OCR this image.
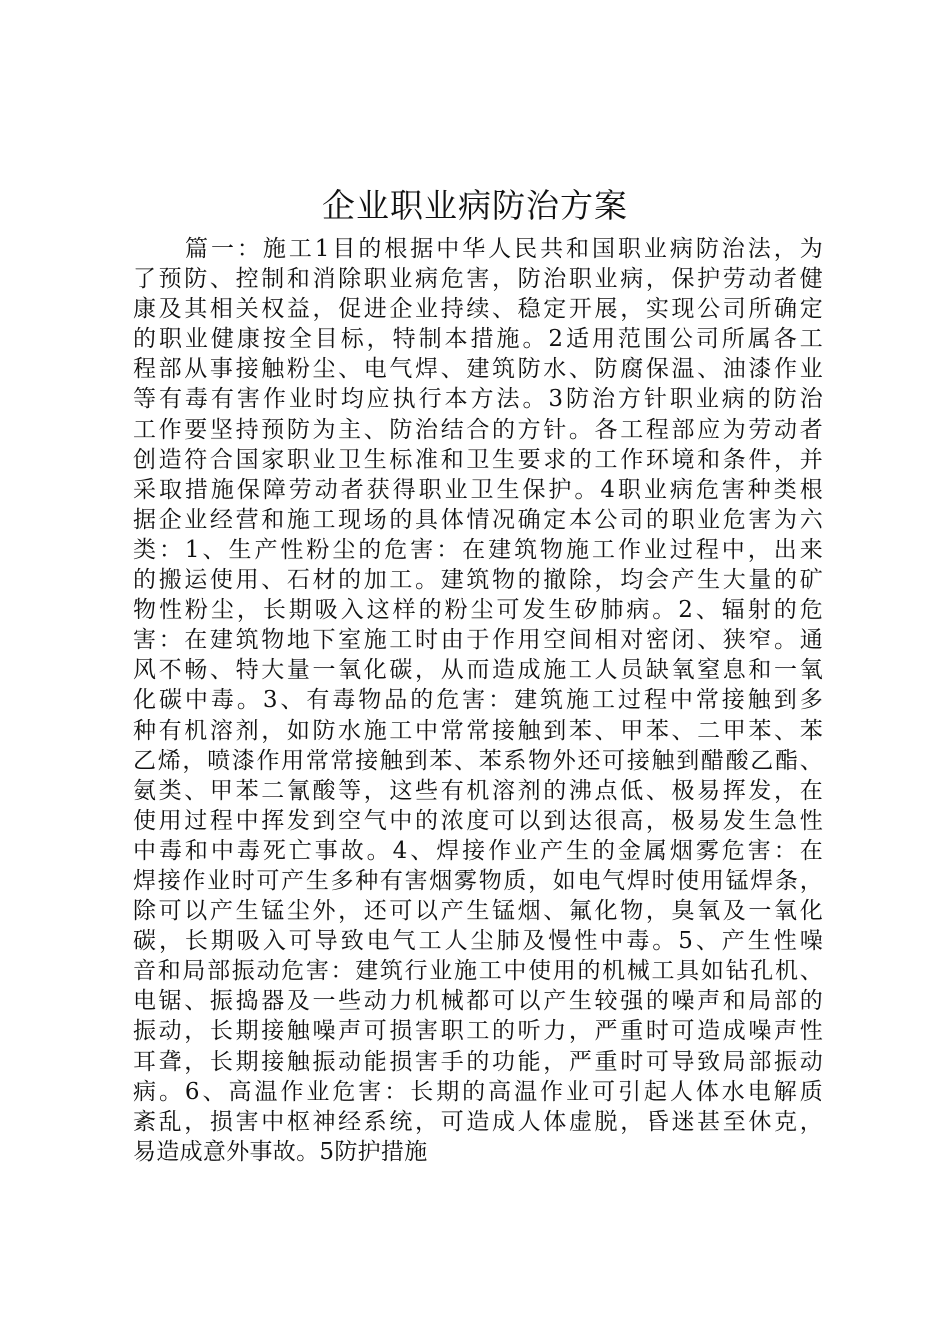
企业职业病防治方案
篇一：施工1目的根据中华人民共和国职业病防治法，为
了预防、控制和消除职业病危害，防治职业病，保护劳动者健
康及其相关权益，促进企业持续、稳定开展，实现公司所确定
的职业健康按全目标，特制本措施。2适用范围公司所属各工
程部从事接触粉尘、电气焊、建筑防水、防腐保温、油漆作业
等有毒有害作业时均应执行本方法。3防治方针职业病的防治
工作要坚持预防为主、防治结合的方针。各工程部应为劳动者
创造符合国家职业卫生标准和卫生要求的工作环境和条件，并
采取措施保障劳动者获得职业卫生保护。4职业病危害种类根
据企业经营和施工现场的具体情况确定本公司的职业危害为六
类：1、生产性粉尘的危害：在建筑物施工作业过程中，出来
的搬运使用、石材的加工。建筑物的撤除，均会产生大量的矿
物性粉尘，长期吸入这样的粉尘可发生矽肺病。2、辐射的危
害：在建筑物地下室施工时由于作用空间相对密闭、狭窄。通
风不畅、特大量一氧化碳，从而造成施工人员缺氧窒息和一氧
化碳中毒。3、有毒物品的危害：建筑施工过程中常接触到多
种有机溶剂，如防水施工中常常接触到苯、甲苯、二甲苯、苯
乙烯，喷漆作用常常接触到苯、苯系物外还可接触到醋酸乙酯、
氨类、甲苯二氰酸等，这些有机溶剂的沸点低、极易挥发，在
使用过程中挥发到空气中的浓度可以到达很高，极易发生急性
中毒和中毒死亡事故。4、焊接作业产生的金属烟雾危害：在
焊接作业时可产生多种有害烟雾物质，如电气焊时使用锰焊条，
除可以产生锰尘外，还可以产生锰烟、氟化物，臭氧及一氧化
碳，长期吸入可导致电气工人尘肺及慢性中毒。5、产生性噪
音和局部振动危害：建筑行业施工中使用的机械工具如钻孔机、
电锯、振捣器及一些动力机械都可以产生较强的噪声和局部的
振动，长期接触噪声可损害职工的听力，严重时可造成噪声性
耳聋，长期接触振动能损害手的功能，严重时可导致局部振动
病。6、高温作业危害：长期的高温作业可引起人体水电解质
紊乱，损害中枢神经系统，可造成人体虚脱，昏迷甚至休克，
易造成意外事故。5防护措施
